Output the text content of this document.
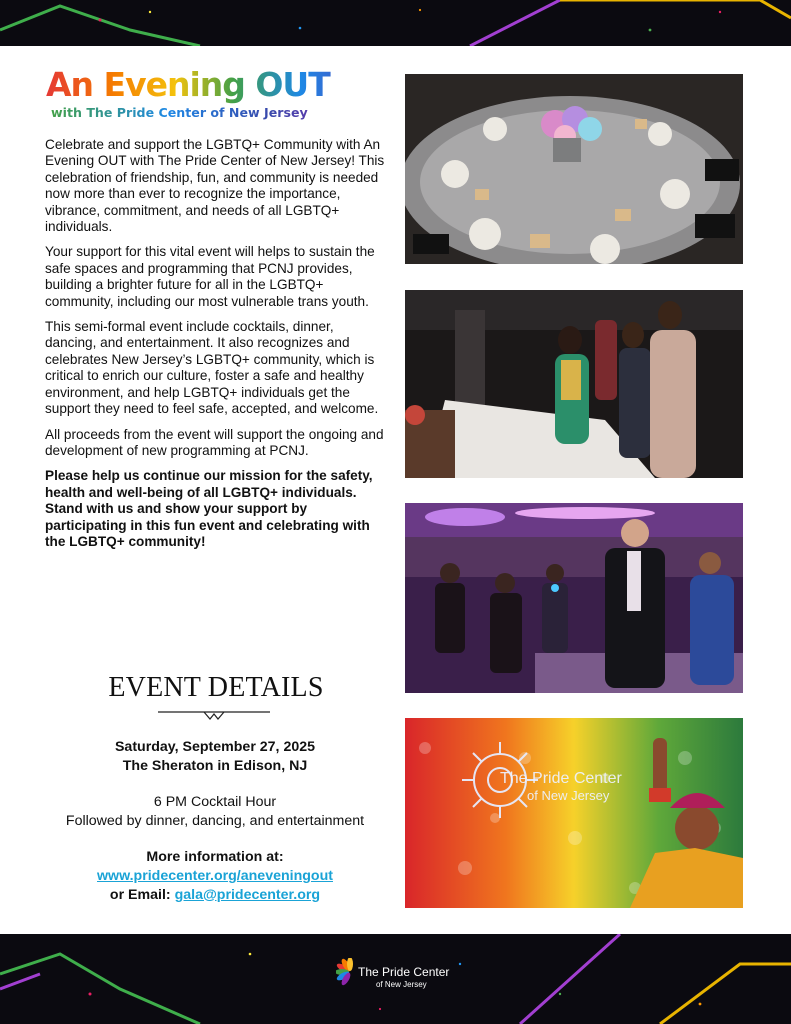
An Evening OUT
with The Pride Center of New Jersey

Celebrate and support the LGBTQ+ Community with An Evening OUT with The Pride Center of New Jersey! This celebration of friendship, fun, and community is needed now more than ever to recognize the importance, vibrance, commitment, and needs of all LGBTQ+ individuals.

Your support for this vital event will helps to sustain the safe spaces and programming that PCNJ provides, building a brighter future for all in the LGBTQ+ community, including our most vulnerable trans youth.

This semi-formal event include cocktails, dinner, dancing, and entertainment. It also recognizes and celebrates New Jersey’s LGBTQ+ community, which is critical to enrich our culture, foster a safe and healthy environment, and help LGBTQ+ individuals get the support they need to feel safe, accepted, and welcome.

All proceeds from the event will support the ongoing and development of new programming at PCNJ.

Please help us continue our mission for the safety, health and well-being of all LGBTQ+ individuals. Stand with us and show your support by participating in this fun event and celebrating with the LGBTQ+ community!

EVENT DETAILS
Saturday, September 27, 2025
The Sheraton in Edison, NJ
6 PM Cocktail Hour
Followed by dinner, dancing, and entertainment
More information at:
www.pridecenter.org/aneveningout
or Email: gala@pridecenter.org
The Pride Center
of New Jersey
The Pride Center
of New Jersey
